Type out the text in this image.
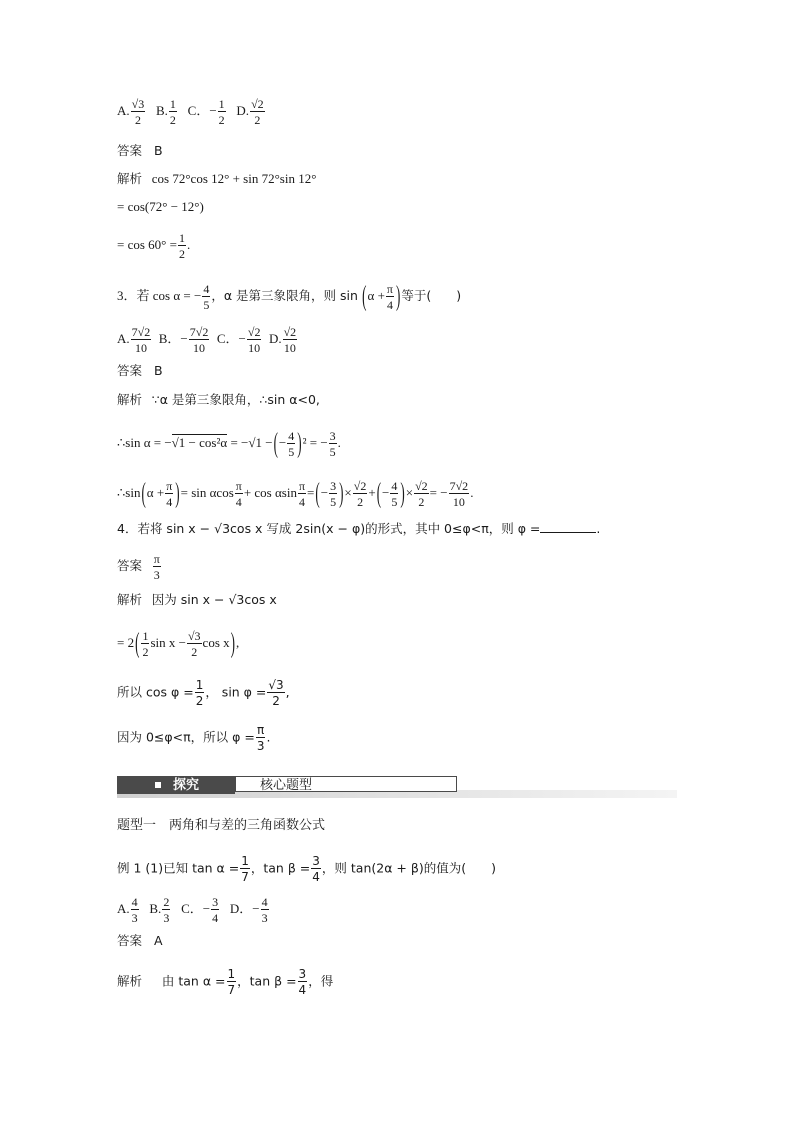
A. $\frac{√3}{2} B$. $\frac{1}{2}$ C．− $\frac{1}{2} D$. $\frac{√2}{2}$
答案 B
解析 cos 72°cos 12° + sin 72°sin 12°
= cos(72° − 12°)
= $\cos 60^\circ = \frac{1}{2}$ .
3．若 cos α = − $\frac{4}{5}$ ，α 是第三象限角，则 $\sin (\alpha + \frac{\pi}{4}$ )等于(　　)
A. $\frac{7√2}{10}$ B．− $\frac{7√2}{10}$ C．− $\frac{√2}{10} D$. $\frac{√2}{10}$
答案 B
解析 ∵α 是第三象限角，∴sin α<0,
∴sin α = −√1 − cos²α = −√1 −(− $\frac{4}{5} )^2$ = − $\frac{3}{5}$ .
∴sin(α + $\frac{\pi}{4}$ )= sin αcos $\frac{\pi}{4} + \cos \alpha\sin \frac{\pi}{4}$ =(− $\frac{3}{5}$ )× $\frac{√2}{2}$ +(− $\frac{4}{5}$ )× $\frac{√2}{2}$ = − $\frac{7√2}{10}$ .
4．若将 sin x − √3cos x 写成 2sin(x − φ)的形式，其中 0≤φ<π，则 φ =	.
答案 $\frac{\pi}{3}$
解析 因为 sin x − √3cos x
= $2( \frac{1}{2}$ $\sin x - \frac{√3}{2}$ cos x),
所以 $\cos \varphi = \frac{1}{2}$ ， $\sin \varphi = \frac{√3}{2}$ ,
因为 0≤φ<π，所以 $\varphi = \frac{\pi}{3}$ .
探究	核心题型
题型一　两角和与差的三角函数公式
例 1 (1)已知 $\tan \alpha = \frac{1}{7}$ ，$\tan \beta = \frac{3}{4}$ ，则 tan(2α + β)的值为(　　)
A. $\frac{4}{3} B$. $\frac{2}{3}$ C．− $\frac{3}{4}$ D．− $\frac{4}{3}$
答案 A
解析 由 $\tan \alpha = \frac{1}{7}$ ，$\tan \beta = \frac{3}{4}$ ，得
